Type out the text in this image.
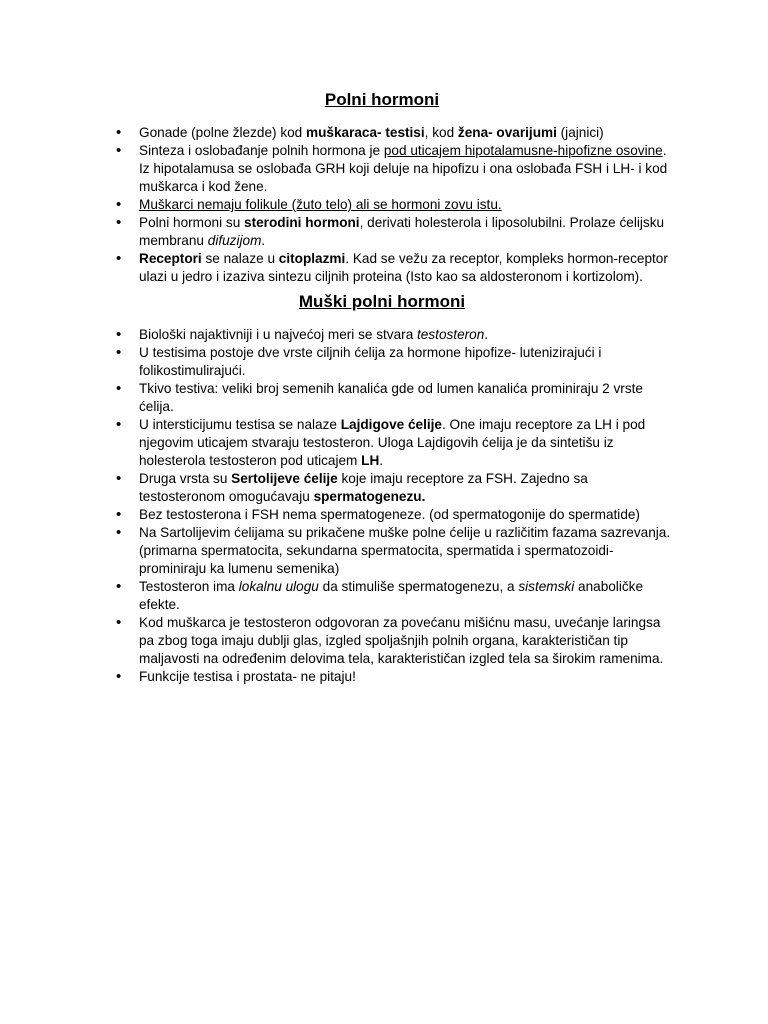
Polni hormoni
• Gonade (polne žlezde) kod muškaraca- testisi, kod žena- ovarijumi (jajnici)
• Sinteza i oslobađanje polnih hormona je pod uticajem hipotalamusne-hipofizne osovine. Iz hipotalamusa se oslobađa GRH koji deluje na hipofizu i ona oslobađa FSH i LH- i kod muškarca i kod žene.
• Muškarci nemaju folikule (žuto telo) ali se hormoni zovu istu.
• Polni hormoni su sterodini hormoni, derivati holesterola i liposolubilni. Prolaze ćelijsku membranu difuzijom.
• Receptori se nalaze u citoplazmi. Kad se vežu za receptor, kompleks hormon-receptor ulazi u jedro i izaziva sintezu ciljnih proteina (Isto kao sa aldosteronom i kortizolom).
Muški polni hormoni
• Biološki najaktivniji i u najvećoj meri se stvara testosteron.
• U testisima postoje dve vrste ciljnih ćelija za hormone hipofize- lutenizirajući i folikostimulirajući.
• Tkivo testiva: veliki broj semenih kanalića gde od lumen kanalića prominiraju 2 vrste ćelija.
• U intersticijumu testisa se nalaze Lajdigove ćelije. One imaju receptore za LH i pod njegovim uticajem stvaraju testosteron. Uloga Lajdigovih ćelija je da sintetišu iz holesterola testosteron pod uticajem LH.
• Druga vrsta su Sertolijeve ćelije koje imaju receptore za FSH. Zajedno sa testosteronom omogućavaju spermatogenezu.
• Bez testosterona i FSH nema spermatogeneze. (od spermatogonije do spermatide)
• Na Sartolijevim ćelijama su prikačene muške polne ćelije u različitim fazama sazrevanja. (primarna spermatocita, sekundarna spermatocita, spermatida i spermatozoidi-prominiraju ka lumenu semenika)
• Testosteron ima lokalnu ulogu da stimuliše spermatogenezu, a sistemski anaboličke efekte.
• Kod muškarca je testosteron odgovoran za povećanu mišićnu masu, uvećanje laringsa pa zbog toga imaju dublji glas, izgled spoljašnjih polnih organa, karakterističan tip maljavosti na određenim delovima tela, karakterističan izgled tela sa širokim ramenima.
• Funkcije testisa i prostata- ne pitaju!
